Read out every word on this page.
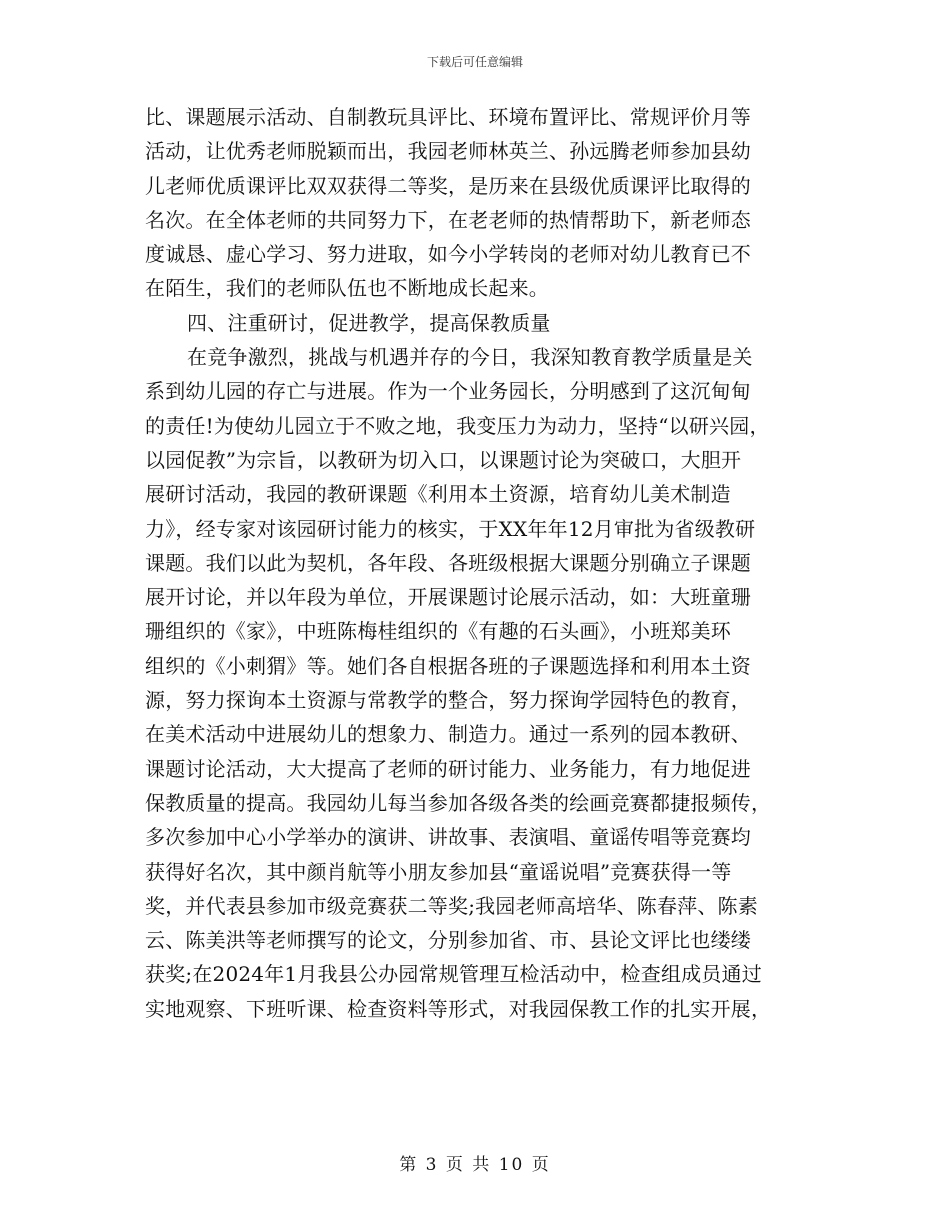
下载后可任意编辑
比、课题展示活动、自制教玩具评比、环境布置评比、常规评价月等
活动，让优秀老师脱颖而出，我园老师林英兰、孙远腾老师参加县幼
儿老师优质课评比双双获得二等奖，是历来在县级优质课评比取得的
名次。在全体老师的共同努力下，在老老师的热情帮助下，新老师态
度诚恳、虚心学习、努力进取，如今小学转岗的老师对幼儿教育已不
在陌生，我们的老师队伍也不断地成长起来。
四、注重研讨，促进教学，提高保教质量
在竞争激烈，挑战与机遇并存的今日，我深知教育教学质量是关
系到幼儿园的存亡与进展。作为一个业务园长，分明感到了这沉甸甸
的责任!为使幼儿园立于不败之地，我变压力为动力，坚持“以研兴园，
以园促教”为宗旨，以教研为切入口，以课题讨论为突破口，大胆开
展研讨活动，我园的教研课题《利用本土资源，培育幼儿美术制造
力》，经专家对该园研讨能力的核实，于XX年年12月审批为省级教研
课题。我们以此为契机，各年段、各班级根据大课题分别确立子课题
展开讨论，并以年段为单位，开展课题讨论展示活动，如：大班童珊
珊组织的《家》，中班陈梅桂组织的《有趣的石头画》，小班郑美环
组织的《小刺猬》等。她们各自根据各班的子课题选择和利用本土资
源，努力探询本土资源与常教学的整合，努力探询学园特色的教育，
在美术活动中进展幼儿的想象力、制造力。通过一系列的园本教研、
课题讨论活动，大大提高了老师的研讨能力、业务能力，有力地促进
保教质量的提高。我园幼儿每当参加各级各类的绘画竞赛都捷报频传，
多次参加中心小学举办的演讲、讲故事、表演唱、童谣传唱等竞赛均
获得好名次，其中颜肖航等小朋友参加县“童谣说唱”竞赛获得一等
奖，并代表县参加市级竞赛获二等奖;我园老师高培华、陈春萍、陈素
云、陈美洪等老师撰写的论文，分别参加省、市、县论文评比也缕缕
获奖;在2024年1月我县公办园常规管理互检活动中，检查组成员通过
实地观察、下班听课、检查资料等形式，对我园保教工作的扎实开展，
第 3 页 共 10 页
